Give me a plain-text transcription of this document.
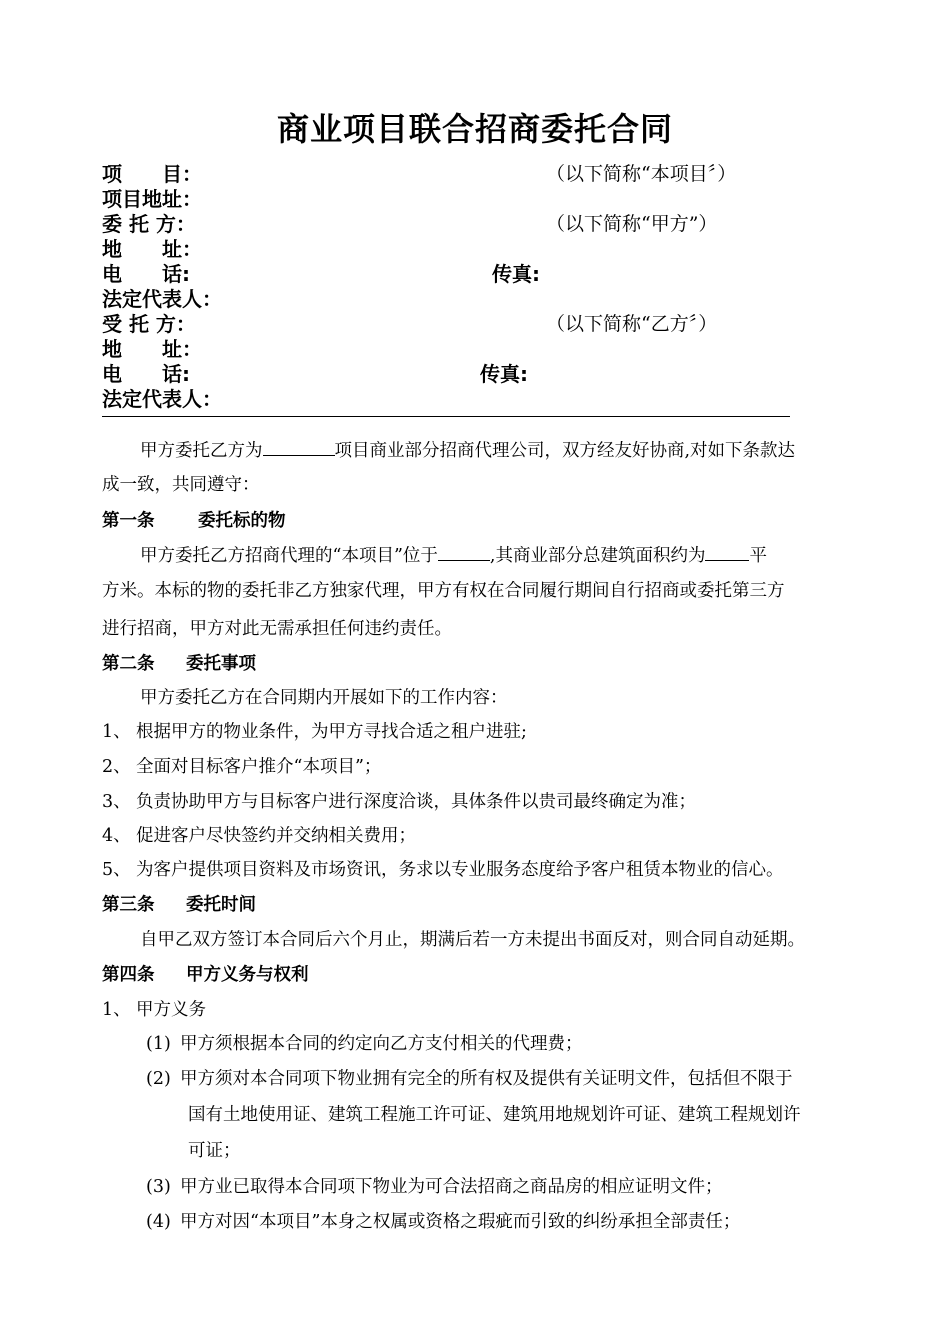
商业项目联合招商委托合同
项　　目：	（以下简称“本项目〞）
项目地址：
委 托 方：	（以下简称“甲方”）
地　　址：
电　　话:	传真:
法定代表人：
受 托 方：	（以下简称“乙方〞）
地　　址：
电　　话:	传真:
法定代表人：
甲方委托乙方为	项目商业部分招商代理公司，双方经友好协商,对如下条款达
成一致，共同遵守：
第一条 委托标的物
甲方委托乙方招商代理的“本项目”位于	,其商业部分总建筑面积约为	平
方米。本标的物的委托非乙方独家代理，甲方有权在合同履行期间自行招商或委托第三方
进行招商，甲方对此无需承担任何违约责任。
第二条 委托事项
甲方委托乙方在合同期内开展如下的工作内容：
1、 根据甲方的物业条件，为甲方寻找合适之租户进驻;
2、 全面对目标客户推介“本项目”；
3、 负责协助甲方与目标客户进行深度洽谈，具体条件以贵司最终确定为准；
4、 促进客户尽快签约并交纳相关费用；
5、 为客户提供项目资料及市场资讯，务求以专业服务态度给予客户租赁本物业的信心。
第三条 委托时间
自甲乙双方签订本合同后六个月止，期满后若一方未提出书面反对，则合同自动延期。
第四条 甲方义务与权利
1、 甲方义务
(1) 甲方须根据本合同的约定向乙方支付相关的代理费；
(2) 甲方须对本合同项下物业拥有完全的所有权及提供有关证明文件，包括但不限于
国有土地使用证、建筑工程施工许可证、建筑用地规划许可证、建筑工程规划许
可证；
(3) 甲方业已取得本合同项下物业为可合法招商之商品房的相应证明文件；
(4) 甲方对因“本项目”本身之权属或资格之瑕疵而引致的纠纷承担全部责任；
